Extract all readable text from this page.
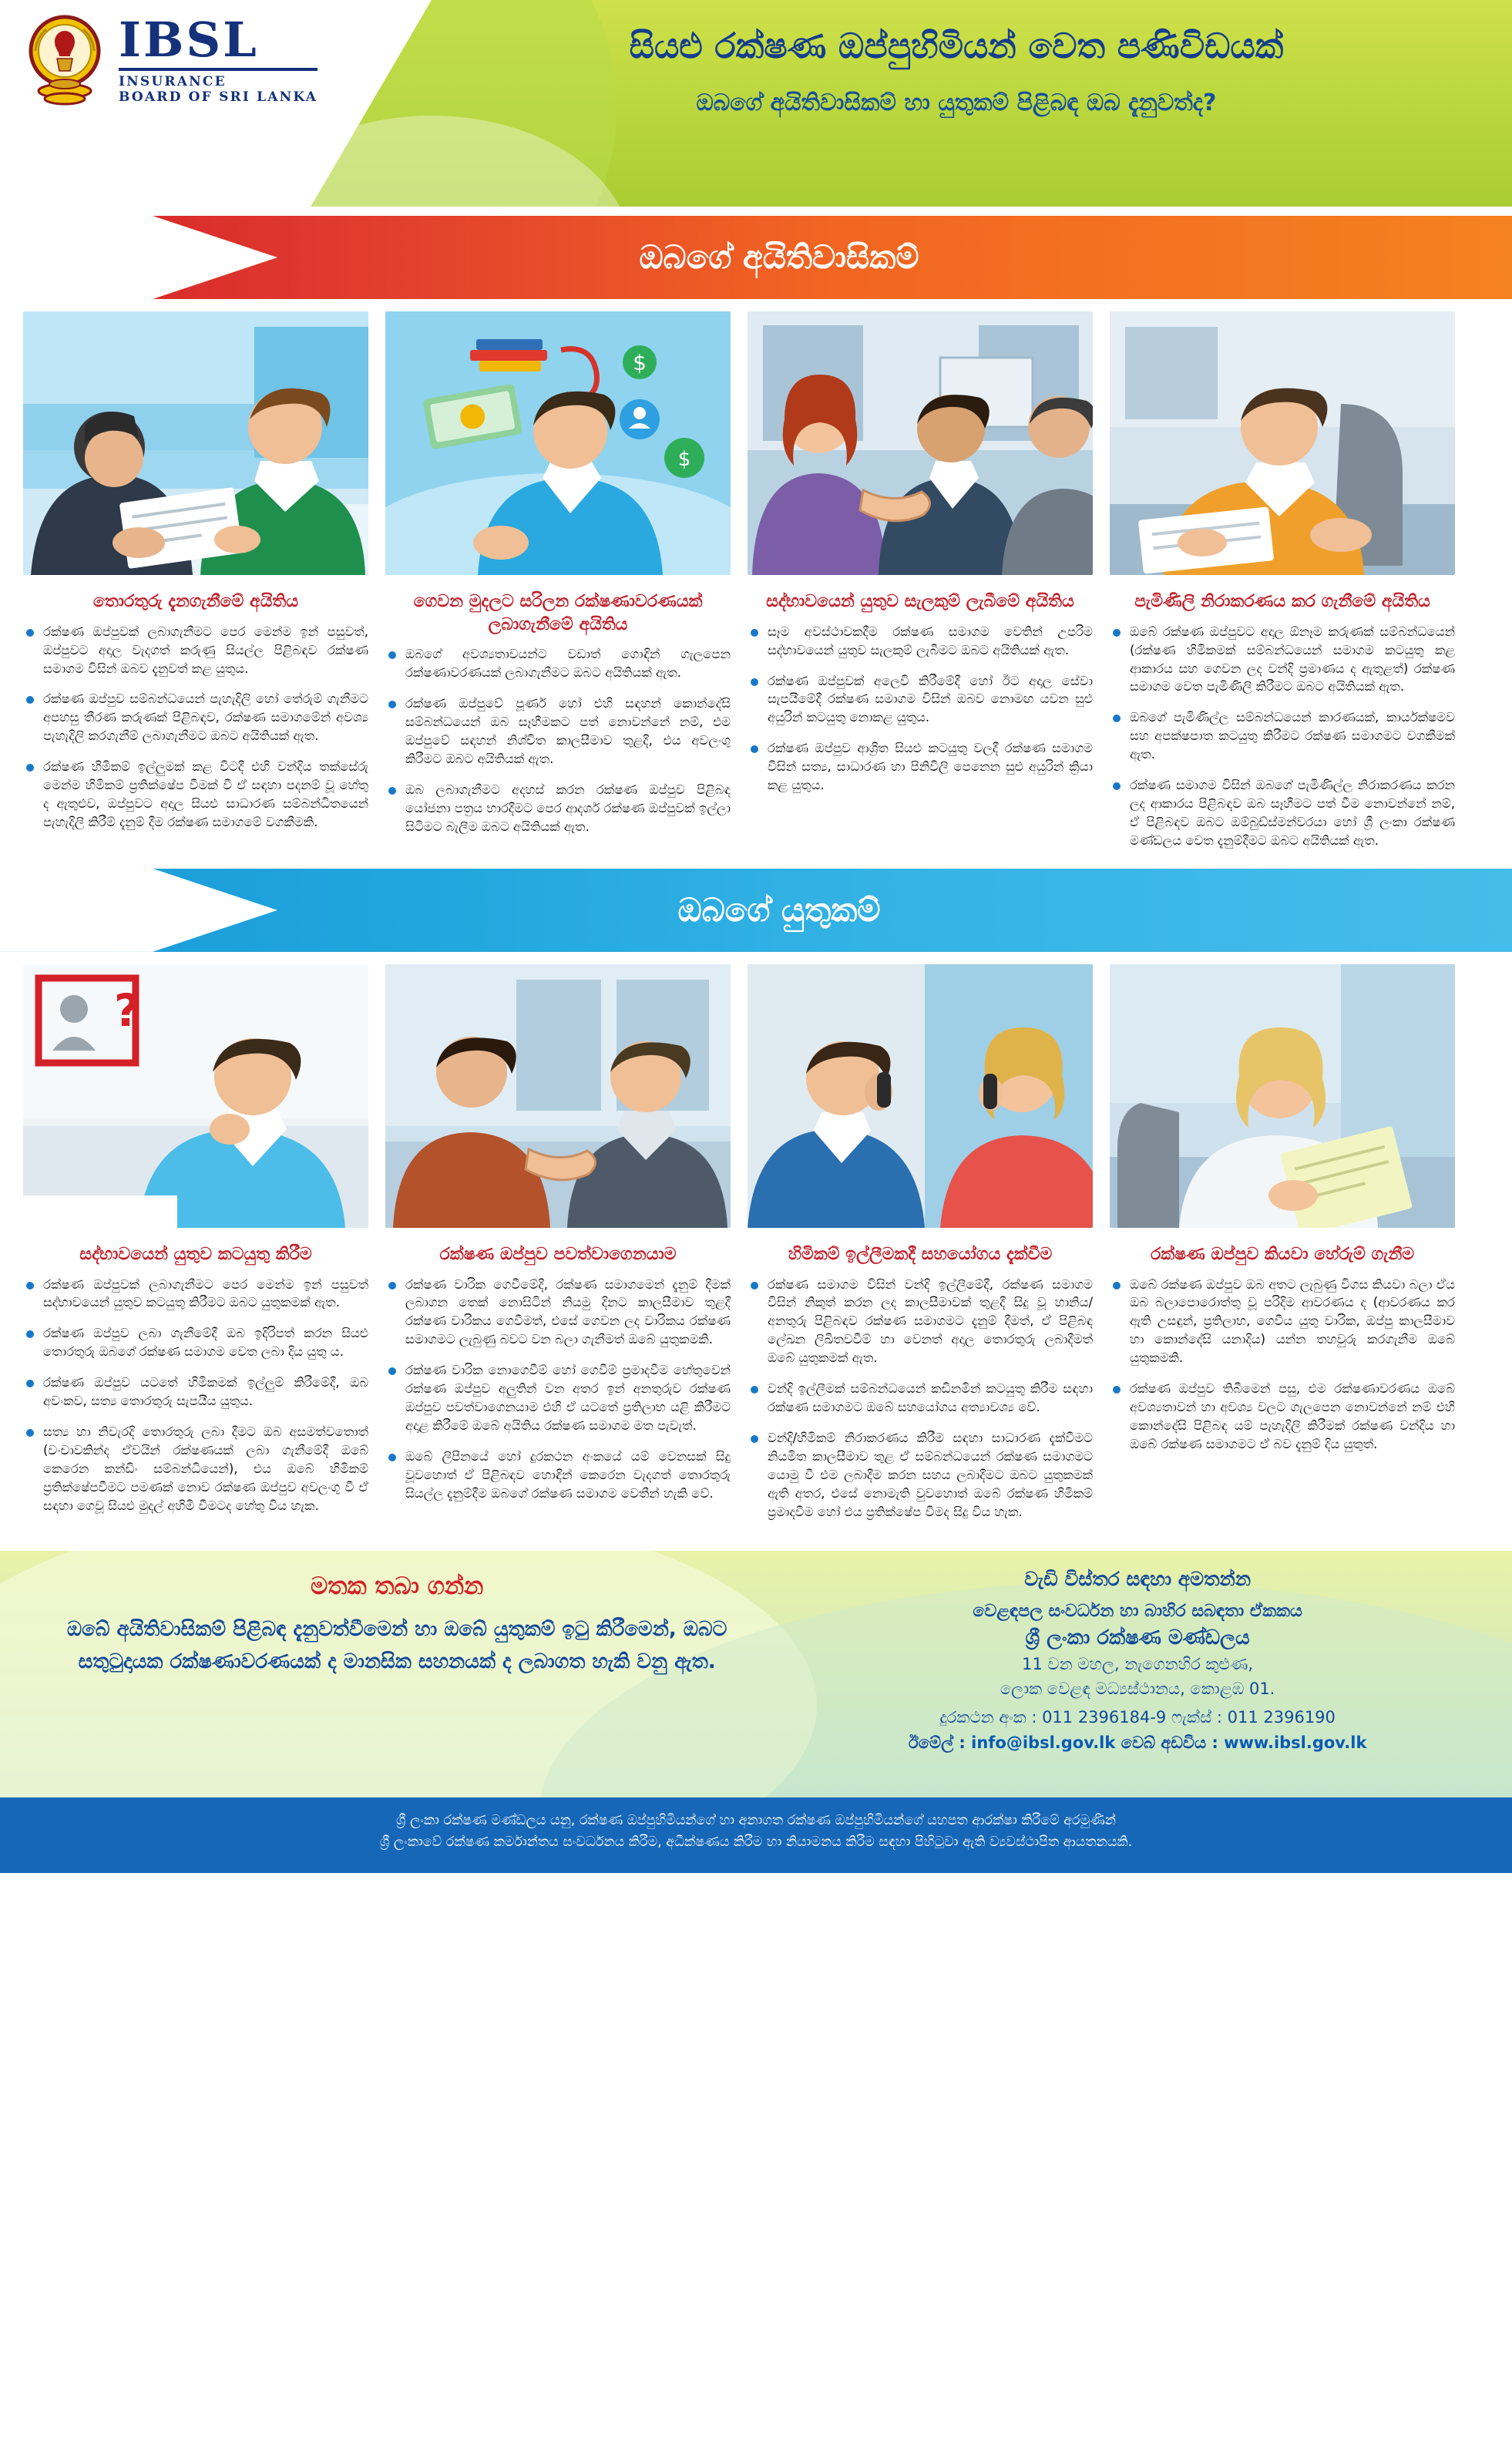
IBSL
INSURANCE
BOARD OF SRI LANKA
සියළු රක්ෂණ ඔප්පුහිමියන් වෙත පණිවිඩයක්
ඔබගේ අයිතිවාසිකම් හා යුතුකම් පිළිබඳ ඔබ දැනුවත්ද?
ඔබගේ අයිතිවාසිකම්
තොරතුරු දැනගැනීමේ අයිතිය
රක්ෂණ ඔප්පුවක් ලබාගැනීමට පෙර මෙන්ම ඉන් පසුවත්, ඔප්පුවට අදාල වැදගත් කරුණු සියල්ල පිළිබඳව රක්ෂණ සමාගම විසින් ඔබව දැනුවත් කළ යුතුය.
රක්ෂණ ඔප්පුව සම්බන්ධයෙන් පැහැදිලි හෝ තේරුම් ගැනීමට අපහසු තීරණ කරුණක් පිළිබඳව, රක්ෂණ සමාගමේන් අවශ්‍ය පැහැදිලි කරගැනීම් ලබාගැනීමට ඔබට අයිතියක් ඇත.
රක්ෂණ හිමිකම් ඉල්ලුමක් කළ විටදී එහි වන්දිය තක්සේරු මෙන්ම හිමිකම් ප්‍රතික්ෂේප වීමක් වී ඒ සඳහා පදනම් වූ හේතු ද ඇතුළුව, ඔප්පුවට අදාල සියළු සාධාරණ සම්බන්ධිතයෙන් පැහැදිලි කිරීම් දැනුම් දීම රක්ෂණ සමාගමේ වගකීමකි.
$
$
ගෙවන මුදලට සරිලන රක්ෂණාවරණයක් ලබාගැනීමේ අයිතිය
ඔබගේ අවශ්‍යතාවයන්ට වඩාත් ගොඳින් ගැලපෙන රක්ෂණාවරණයක් ලබාගැනීමට ඔබට අයිතියක් ඇත.
රක්ෂණ ඔප්පුවේ පූර්ණ හෝ එහි සඳහන් කොන්දේසි සම්බන්ධයෙන් ඔබ සෑහීමකට පත් නොවන්නේ නම්, එම ඔප්පුවේ සඳහන් නිශ්චිත කාලසීමාව තුළදී, එය අවලංගු කිරීමට ඔබට අයිතියක් ඇත.
ඔබ ලබාගැනීමට අදහස් කරන රක්ෂණ ඔප්පුව පිළිබඳ යෝජනා පත්‍රය භාරදීමට පෙර ආදර්ශ රක්ෂණ ඔප්පුවක් ඉල්ලා සිටිමට බැලීම ඔබට අයිතියක් ඇත.
සද්භාවයෙන් යුතුව සැලකුම් ලැබීමේ අයිතිය
සෑම අවස්ථාවකදීම රක්ෂණ සමාගම වෙතින් උපරිම සද්භාවයෙන් යුතුව සැලකුම් ලැබීමට ඔබට අයිතියක් ඇත.
රක්ෂණ ඔප්පුවක් අලෙවි කිරීමේදී හෝ ඊට අදාල සේවා සැපයීමේදී රක්ෂණ සමාගම විසින් ඔබව නොමඟ යවන සුළු අයුරින් කටයුතු නොකළ යුතුය.
රක්ෂණ ඔප්පුව ආශ්‍රිත සියළු කටයුතු වලදී රක්ෂණ සමාගම විසින් සත්‍ය, සාධාරණ හා පිනිවිලි පෙනෙන සුළු අයුරින් ක්‍රියා කළ යුතුය.
පැමිණිලි නිරාකරණය කර ගැනීමේ අයිතිය
ඔබේ රක්ෂණ ඔප්පුවට අදාල ඕනෑම කරුණක් සම්බන්ධයෙන් (රක්ෂණ හිමිකමක් සම්බන්ධයෙන් සමාගම කටයුතු කළ ආකාරය සහ ගෙවන ලද වන්දි ප්‍රමාණය ද ඇතුළත්) රක්ෂණ සමාගම වෙත පැමිණිලි කිරීමට ඔබට අයිතියක් ඇත.
ඔබගේ පැමිණිල්ල සම්බන්ධයෙන් කාරණයක්, කාර්යක්ෂමව සහ අපක්ෂපාත කටයුතු කිරීමට රක්ෂණ සමාගමට වගකීමක් ඇත.
රක්ෂණ සමාගම විසින් ඔබගේ පැමිණිල්ල නිරාකරණය කරන ලද ආකාරය පිළිබඳව ඔබ සෑහීමට පත් වීම නොවන්නේ නම්, ඒ පිළිබඳව ඔබට ඔම්බුඩ්ස්මන්වරයා හෝ ශ්‍රී ලංකා රක්ෂණ මණ්ඩලය වෙත දැනුම්දීමට ඔබට අයිතියක් ඇත.
ඔබගේ යුතුකම්
?
සද්භාවයෙන් යුතුව කටයුතු කිරීම
රක්ෂණ ඔප්පුවක් ලබාගැනීමට පෙර මෙන්ම ඉන් පසුවත් සද්භාවයෙන් යුතුව කටයුතු කිරීමට ඔබට යුතුකමක් ඇත.
රක්ෂණ ඔප්පුව ලබා ගැනීමේදී ඔබ ඉදිරිපත් කරන සියළු තොරතුරු ඔබගේ රක්ෂණ සමාගම වෙත ලබා දිය යුතු ය.
රක්ෂණ ඔප්පුව යටතේ හිමිකමක් ඉල්ලුම් කිරීමේදී, ඔබ අවංකව, සත්‍ය තොරතුරු සැපයීය යුතුය.
සත්‍ය හා නිවැරදි තොරතුරු ලබා දීමට ඔබ අසමත්වතොත් (වංචාවකින්ද ඒවයින් රක්ෂණයක් ලබා ගැනීමේදී ඔබේ කෙරෙන කන්ඩිං සම්බන්ධියෙන්), එය ඔබේ හිමිකම් ප්‍රතික්ෂේපවීමට පමණක් නොව රක්ෂණ ඔප්පුව අවලංගු වී ඒ සඳහා ගෙවූ සියළු මුදල් අහිමි වීමටද හේතු විය හැක.
රක්ෂණ ඔප්පුව පවත්වාගෙනයාම
රක්ෂණ වාරික ගෙවීමේදී, රක්ෂණ සමාගමෙන් දැනුම් දීමක් ලබාගන තෙක් නොසිටින් නියමු දිනට කාලසීමාව තුළදී රක්ෂණ වාරිකය ගෙවීමත්, එසේ ගෙවන ලද වාරිකය රක්ෂණ සමාගමට ලැබුණු බවට වන බලා ගැනීමත් ඔබේ යුතුකමකි.
රක්ෂණ වාරික නොගෙවීම් හෝ ගෙවීම් ප්‍රමාදවීම හේතුවෙන් රක්ෂණ ඔප්පුව අලුතින් වන අතර ඉන් අනතුරුව රක්ෂණ ඔප්පුව පවත්වාගෙනයාම එහි ඒ යටතේ ප්‍රතිලාභ යළි කිරීමට අදාළ කිරීමේ ඔබේ අයිතිය රක්ෂණ සමාගම මත පැවැත්.
ඔබේ ලිපිනයේ හෝ දුරකථන අංකයේ යම් වෙනසක් සිදු වූවහොත් ඒ පිළිබඳව හොඳින් කෙරෙන වැදගත් තොරතුරු සියල්ල දැනුම්දීම ඔබගේ රක්ෂණ සමාගම වෙතීන් හැකි වේ.
හිමිකම් ඉල්ලීමකදී සහයෝගය දැක්වීම
රක්ෂණ සමාගම විසින් වන්දි ඉල්ලීමේදී, රක්ෂණ සමාගම විසින් නිකුත් කරන ලද කාලසීමාවක් තුළදී සිදු වූ හානිය/ අනතුරු පිළිබඳව රක්ෂණ සමාගමට දැනුම් දීමත්, ඒ පිළිබඳ ලේඛන ලිඛිතවවීම් හා වෙනත් අදාල තොරතුරු ලබාදීමත් ඔබේ යුතුකමක් ඇත.
වන්දි ඉල්ලීමක් සම්බන්ධයෙන් කඩිනමින් කටයුතු කිරීම සඳහා රක්ෂණ සමාගමට ඔබේ සහයෝගය අත්‍යාවශ්‍ය වේ.
වන්දි/හිමිකම් නිරාකරණය කිරීම සඳහා සාධාරණ දැක්වීමට නියමිත කාලසීමාව තුළ ඒ සම්බන්ධයෙන් රක්ෂණ සමාගමට යොමු වී එම ලබාදීම කරන සහය ලබාදීමට ඔබට යුතුකමක් ඇති අතර, එසේ නොමැති වුවහොත් ඔබේ රක්ෂණ හිමිකම් ප්‍රමාදවීම හෝ එය ප්‍රතික්ෂේප වීමද සිදු විය හැක.
රක්ෂණ ඔප්පුව කියවා හේරුම් ගැනීම
ඔබේ රක්ෂණ ඔප්පුව ඔබ අතට ලැබුණු විගස කියවා බලා ඒය ඔබ බලාපොරොත්තු වූ පරිදිම ආවරණය ද (ආවරණය කර ඇති උසඳුන්, ප්‍රතිලාභ, ගෙවීය යුතු වාරික, ඔප්පු කාලසීමාව හා කොන්දේසි යනාදිය) යන්න තහවුරු කරගැනීම ඔබේ යුතුකමකි.
රක්ෂණ ඔප්පුව තිබීමෙන් පසු, එම රක්ෂණාවරණය ඔබේ අවශ්‍යතාවන් හා අවශ්‍ය වලට ගැලපෙන නොවන්නේ නම් එහි කොන්දේසි පිළිබඳ යම් පැහැදිලි කිරීමක් රක්ෂණ වන්දිය හා ඔබේ රක්ෂණ සමාගමට ඒ බව දැනුම් දිය යුතුත්.
මතක තබා ගන්න
ඔබේ අයිතිවාසිකම් පිළිබඳ දැනුවත්වීමෙන් හා ඔබේ යුතුකම් ඉටු කිරීමෙන්, ඔබට සතුටුදායක රක්ෂණාවරණයක් ද මානසික සහනයක් ද ලබාගත හැකි වනු ඇත.
වැඩි විස්තර සඳහා අමතන්න
වෙළඳපල සංවර්ධන හා බාහිර සබඳතා ඒකකය
ශ්‍රී ලංකා රක්ෂණ මණ්ඩලය
11 වන මහල, නැගෙනහිර කුළුණ,
ලොක වෙළඳ මධ්‍යස්ථානය, කොළඹ 01.
දුරකථන අංක : 011 2396184-9 ෆැක්ස් : 011 2396190
ඊමේල් : info@ibsl.gov.lk වෙබ් අඩවිය : www.ibsl.gov.lk
ශ්‍රී ලංකා රක්ෂණ මණ්ඩලය යනු, රක්ෂණ ඔප්පුහිමියන්ගේ හා අනාගත රක්ෂණ ඔප්පුහිමියන්ගේ යහපත ආරක්ෂා කිරීමේ අරමුණින්
ශ්‍රී ලංකාවේ රක්ෂණ කර්මාන්තය සංවර්ධනය කිරීම, අධීක්ෂණය කිරීම හා නියාමනය කිරීම සඳහා පිහිටුවා ඇති ව්‍යවස්ථාපිත ආයතනයකි.
